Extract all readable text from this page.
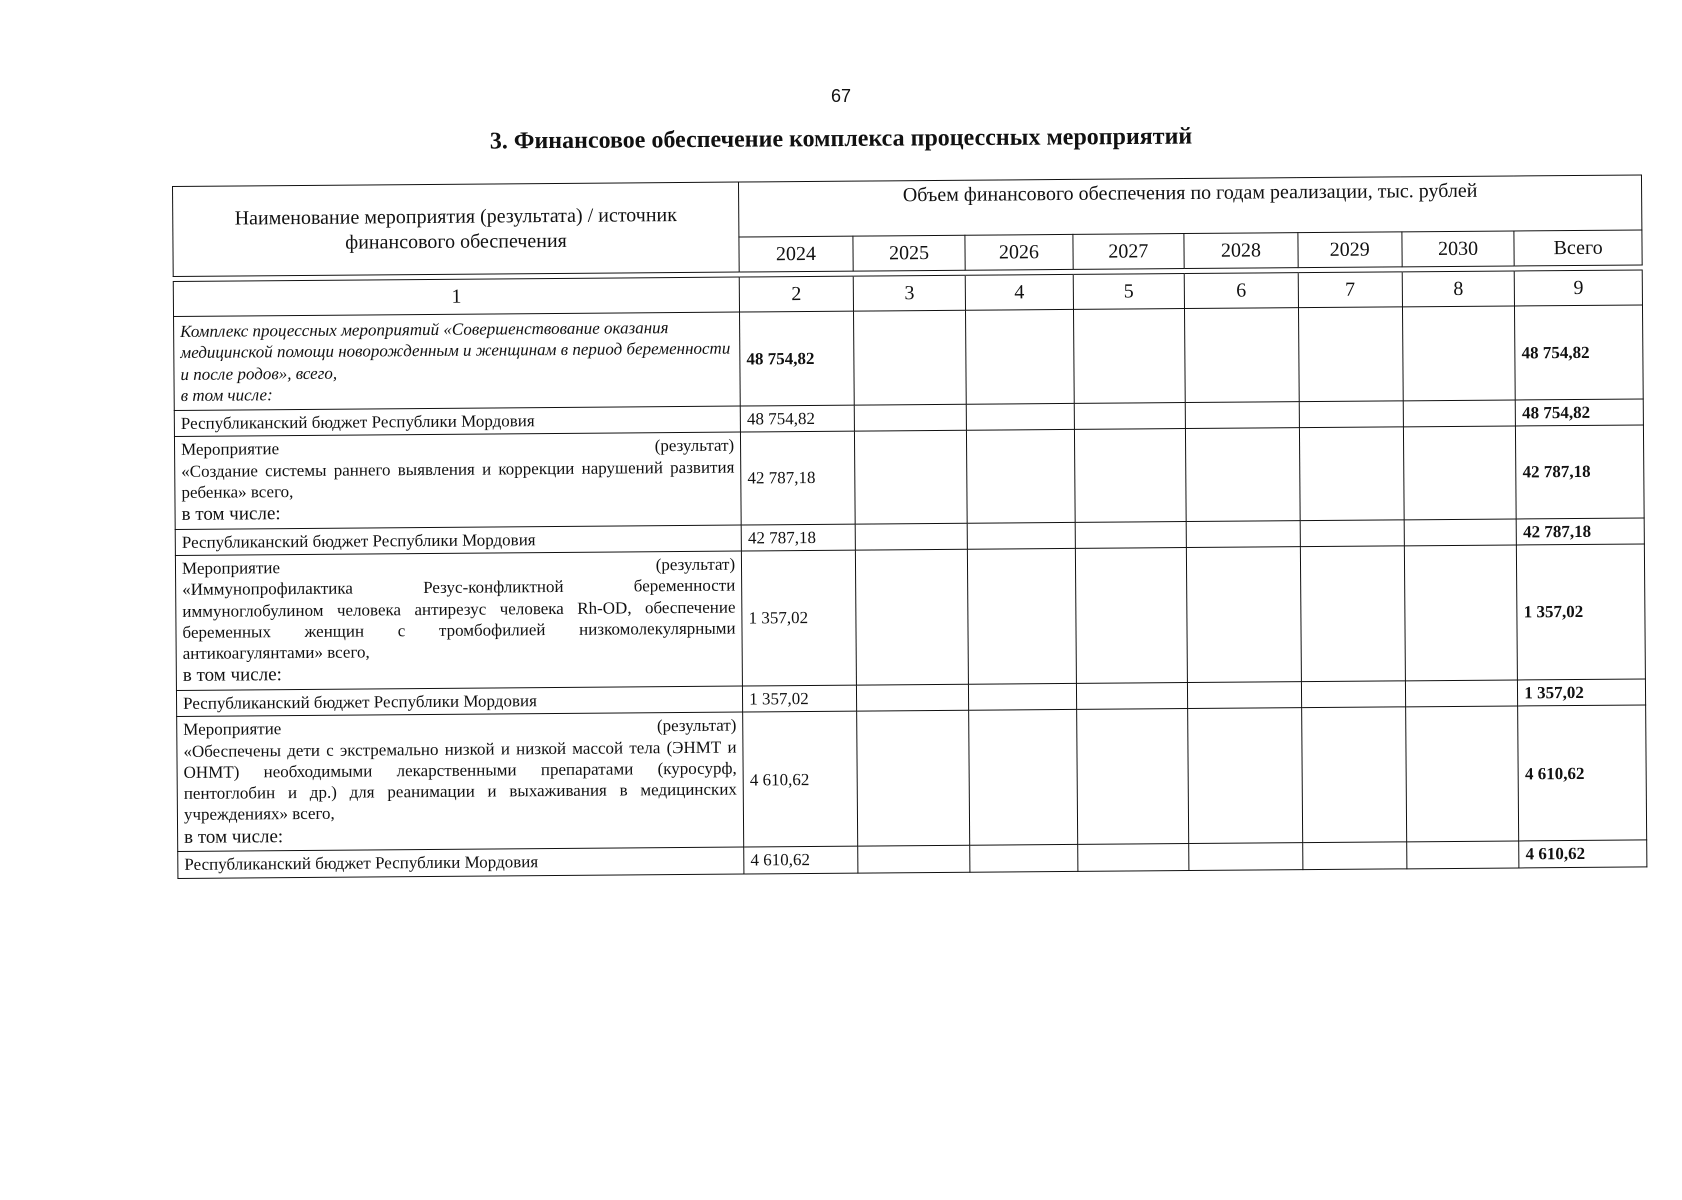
67
3. Финансовое обеспечение комплекса процессных мероприятий
Наименование мероприятия (результата) / источник финансового обеспечения	Объем финансового обеспечения по годам реализации, тыс. рублей							
	2024	2025	2026	2027	2028	2029	2030	Всего

1	2	3	4	5	6	7	8	9

Комплекс процессных мероприятий «Совершенствование оказания медицинской помощи новорожденным и женщинам в период беременности и после родов», всего,
в том числе:	48 754,82							48 754,82
Республиканский бюджет Республики Мордовия	48 754,82							48 754,82

Мероприятие (результат)
«Создание системы раннего выявления и коррекции нарушений развития ребенка» всего,
в том числе:	42 787,18							42 787,18
Республиканский бюджет Республики Мордовия	42 787,18							42 787,18

Мероприятие (результат)
«Иммунопрофилактика Резус-конфликтной беременности иммуноглобулином человека антирезус человека Rh-OD, обеспечение беременных женщин с тромбофилией низкомолекулярными антикоагулянтами» всего,
в том числе:	1 357,02							1 357,02
Республиканский бюджет Республики Мордовия	1 357,02							1 357,02

Мероприятие (результат)
«Обеспечены дети с экстремально низкой и низкой массой тела (ЭНМТ и ОНМТ) необходимыми лекарственными препаратами (куросурф, пентоглобин и др.) для реанимации и выхаживания в медицинских учреждениях» всего,
в том числе:	4 610,62							4 610,62
Республиканский бюджет Республики Мордовия	4 610,62							4 610,62
